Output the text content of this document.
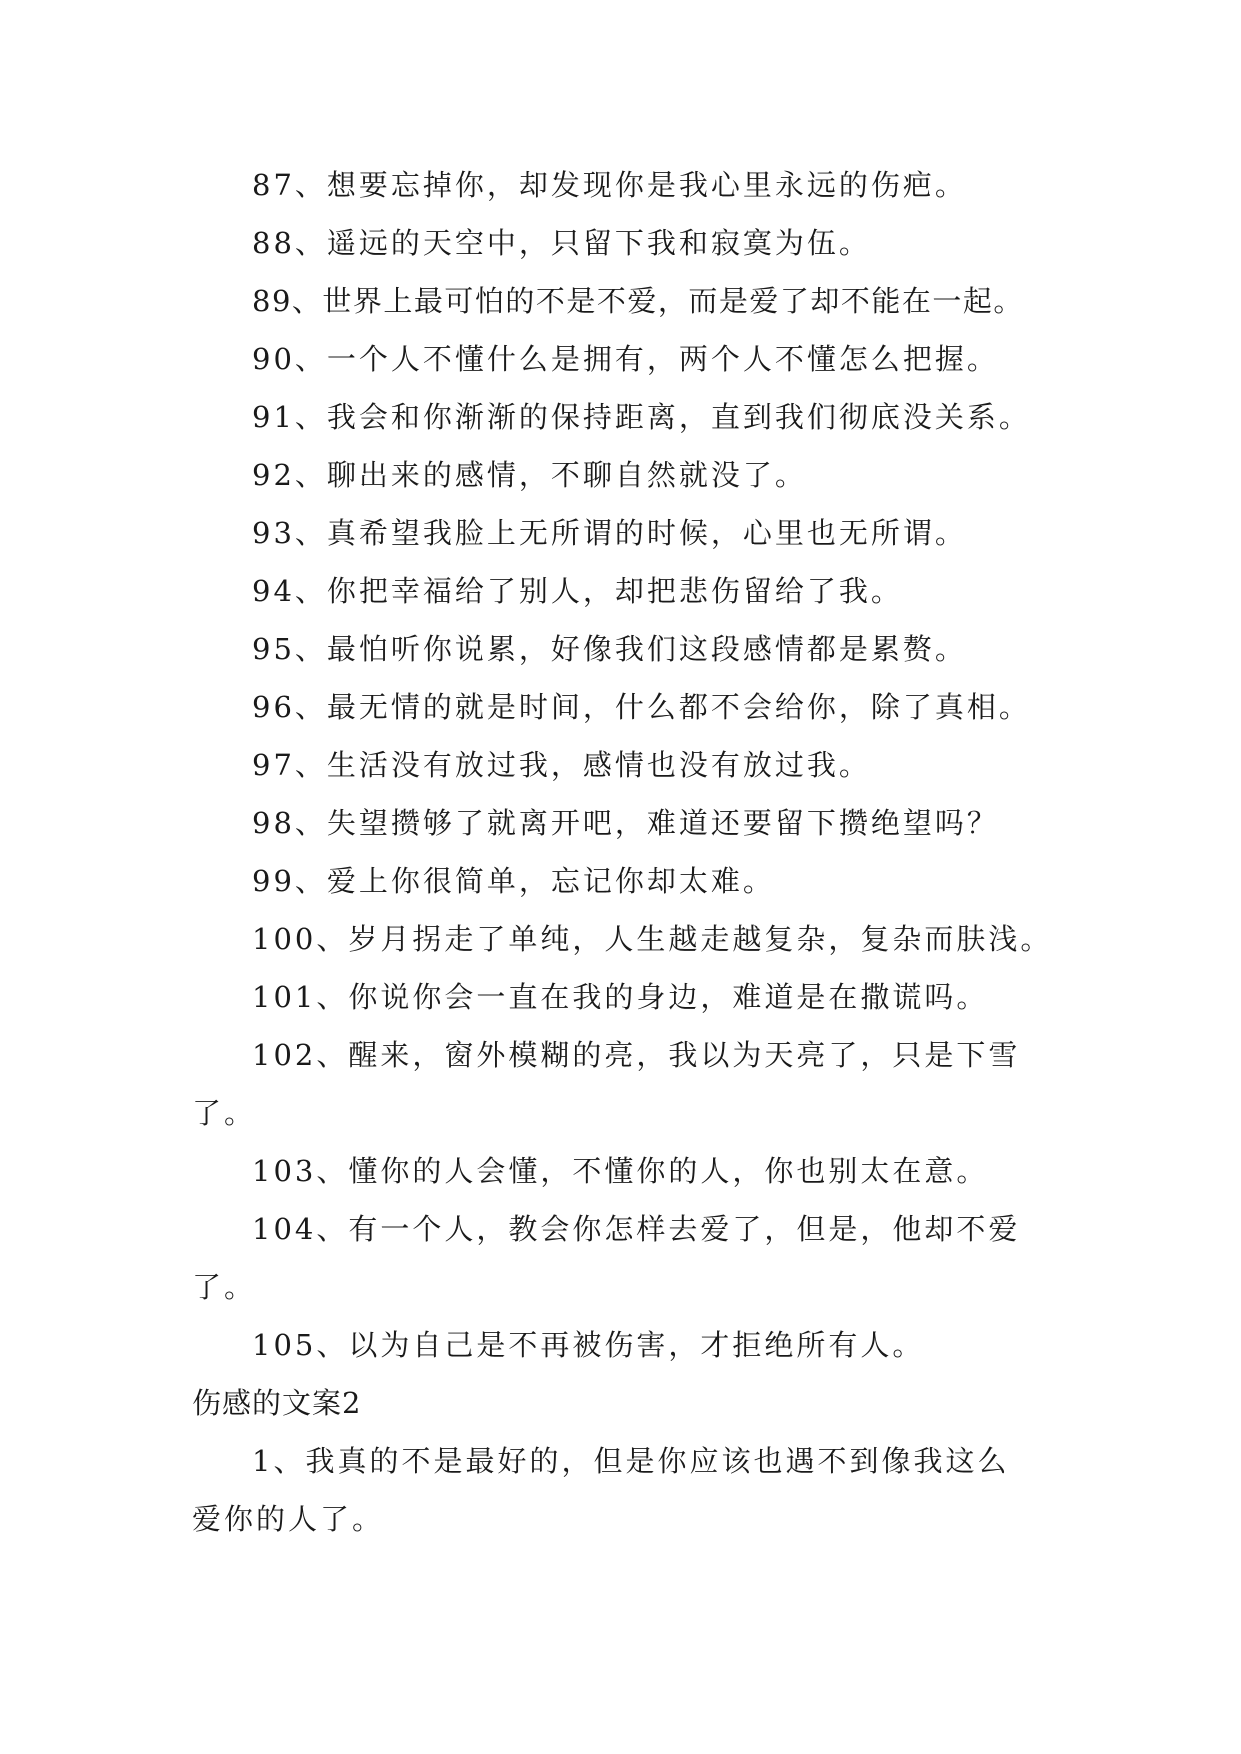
87、想要忘掉你，却发现你是我心里永远的伤疤。
88、遥远的天空中，只留下我和寂寞为伍。
89、世界上最可怕的不是不爱，而是爱了却不能在一起。
90、一个人不懂什么是拥有，两个人不懂怎么把握。
91、我会和你渐渐的保持距离，直到我们彻底没关系。
92、聊出来的感情，不聊自然就没了。
93、真希望我脸上无所谓的时候，心里也无所谓。
94、你把幸福给了别人，却把悲伤留给了我。
95、最怕听你说累，好像我们这段感情都是累赘。
96、最无情的就是时间，什么都不会给你，除了真相。
97、生活没有放过我，感情也没有放过我。
98、失望攒够了就离开吧，难道还要留下攒绝望吗？
99、爱上你很简单，忘记你却太难。
100、岁月拐走了单纯，人生越走越复杂，复杂而肤浅。
101、你说你会一直在我的身边，难道是在撒谎吗。
102、醒来，窗外模糊的亮，我以为天亮了，只是下雪
了。
103、懂你的人会懂，不懂你的人，你也别太在意。
104、有一个人，教会你怎样去爱了，但是，他却不爱
了。
105、以为自己是不再被伤害，才拒绝所有人。
伤感的文案2
1、我真的不是最好的，但是你应该也遇不到像我这么
爱你的人了。
